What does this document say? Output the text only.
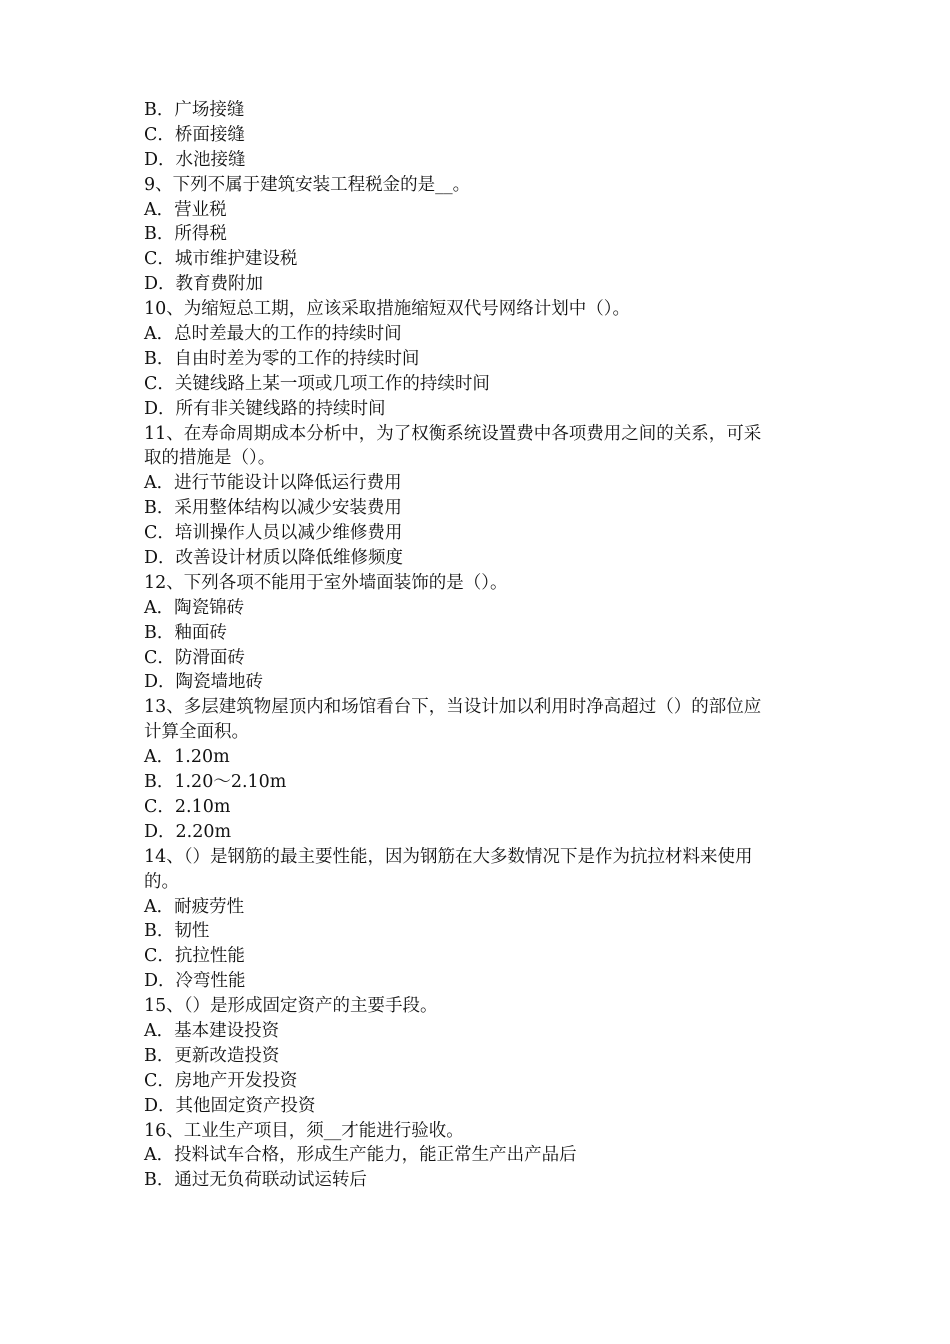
B．广场接缝
C．桥面接缝
D．水池接缝
9、下列不属于建筑安装工程税金的是__。
A．营业税
B．所得税
C．城市维护建设税
D．教育费附加
10、为缩短总工期，应该采取措施缩短双代号网络计划中（）。
A．总时差最大的工作的持续时间
B．自由时差为零的工作的持续时间
C．关键线路上某一项或几项工作的持续时间
D．所有非关键线路的持续时间
11、在寿命周期成本分析中，为了权衡系统设置费中各项费用之间的关系，可采
取的措施是（）。
A．进行节能设计以降低运行费用
B．采用整体结构以减少安装费用
C．培训操作人员以减少维修费用
D．改善设计材质以降低维修频度
12、下列各项不能用于室外墙面装饰的是（）。
A．陶瓷锦砖
B．釉面砖
C．防滑面砖
D．陶瓷墙地砖
13、多层建筑物屋顶内和场馆看台下，当设计加以利用时净高超过（）的部位应
计算全面积。
A．1.20m
B．1.20～2.10m
C．2.10m
D．2.20m
14、（）是钢筋的最主要性能，因为钢筋在大多数情况下是作为抗拉材料来使用
的。
A．耐疲劳性
B．韧性
C．抗拉性能
D．冷弯性能
15、（）是形成固定资产的主要手段。
A．基本建设投资
B．更新改造投资
C．房地产开发投资
D．其他固定资产投资
16、工业生产项目，须__才能进行验收。
A．投料试车合格，形成生产能力，能正常生产出产品后
B．通过无负荷联动试运转后
